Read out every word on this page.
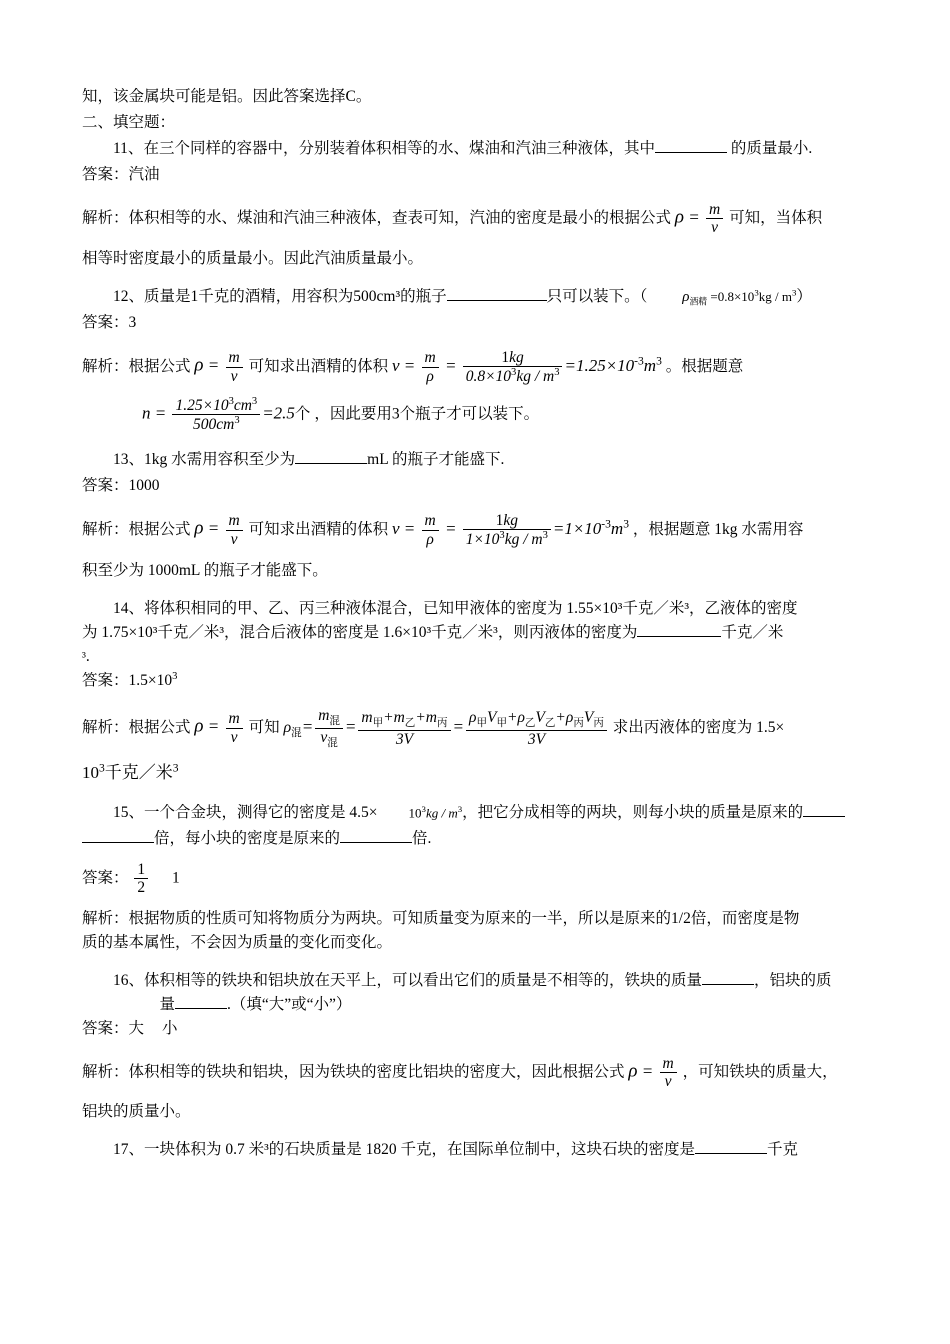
知，该金属块可能是铝。因此答案选择C。

二、填空题：

11、在三个同样的容器中，分别装着体积相等的水、煤油和汽油三种液体，其中	的质量最小.

答案：汽油

解析：体积相等的水、煤油和汽油三种液体，查表可知，汽油的密度是最小的根据公式 $\rho = \frac{m}{v}$ 可知，当体积

相等时密度最小的质量最小。因此汽油质量最小。

12、质量是1千克的酒精，用容积为500cm³的瓶子	只可以装下。（ $\rho_{酒精} =0.8\times 10^3kg / m^3$）

答案：3

解析：根据公式 $\rho = \frac{m}{v}$ 可知求出酒精的体积 $v = \frac{m}{\rho} = \frac{1kg}{0.8\times 10^3kg / m^3} =1.25\times 10^{-3}m^3$ 。根据题意

$n = \frac{1.25\times 10^3cm^3}{500cm^3} =2.5$个 ，因此要用3个瓶子才可以装下。

13、1kg 水需用容积至少为	mL 的瓶子才能盛下.

答案：1000

解析：根据公式 $\rho = \frac{m}{v}$ 可知求出酒精的体积 $v = \frac{m}{\rho} = \frac{1kg}{1\times 10^3kg / m^3} =1\times 10^{-3}m^3$ ，根据题意 1kg 水需用容

积至少为 1000mL 的瓶子才能盛下。

14、将体积相同的甲、乙、丙三种液体混合，已知甲液体的密度为 1.55×10³千克／米³，乙液体的密度

为 1.75×10³千克／米³，混合后液体的密度是 1.6×10³千克／米³，则丙液体的密度为	千克／米

³.

答案：$1.5\times 10^3$

解析：根据公式 $\rho = \frac{m}{v}$ 可知 $\rho_混= \frac{m_混}{v_混} = \frac{m_甲+m_乙+m_丙}{3V} = \frac{\rho_甲V_甲+\rho_乙V_乙+\rho_丙V_丙}{3V}$ 求出丙液体的密度为 1.5×

$10^3$千克／米$^3$

15、一个合金块，测得它的密度是 $4.5\times 10^3kg / m^3$，把它分成相等的两块，则每小块的质量是原来的

倍，每小块的密度是原来的	倍.

答案： $\frac{1}{2} 1$

解析：根据物质的性质可知将物质分为两块。可知质量变为原来的一半，所以是原来的1/2倍，而密度是物

质的基本属性，不会因为质量的变化而变化。

16、体积相等的铁块和铝块放在天平上，可以看出它们的质量是不相等的，铁块的质量	，铝块的质

量	.（填“大”或“小”）

答案：大 小

解析：体积相等的铁块和铝块，因为铁块的密度比铝块的密度大，因此根据公式 $\rho = \frac{m}{v}$ ，可知铁块的质量大，

铝块的质量小。

17、一块体积为 0.7 米³的石块质量是 1820 千克，在国际单位制中，这块石块的密度是	千克
